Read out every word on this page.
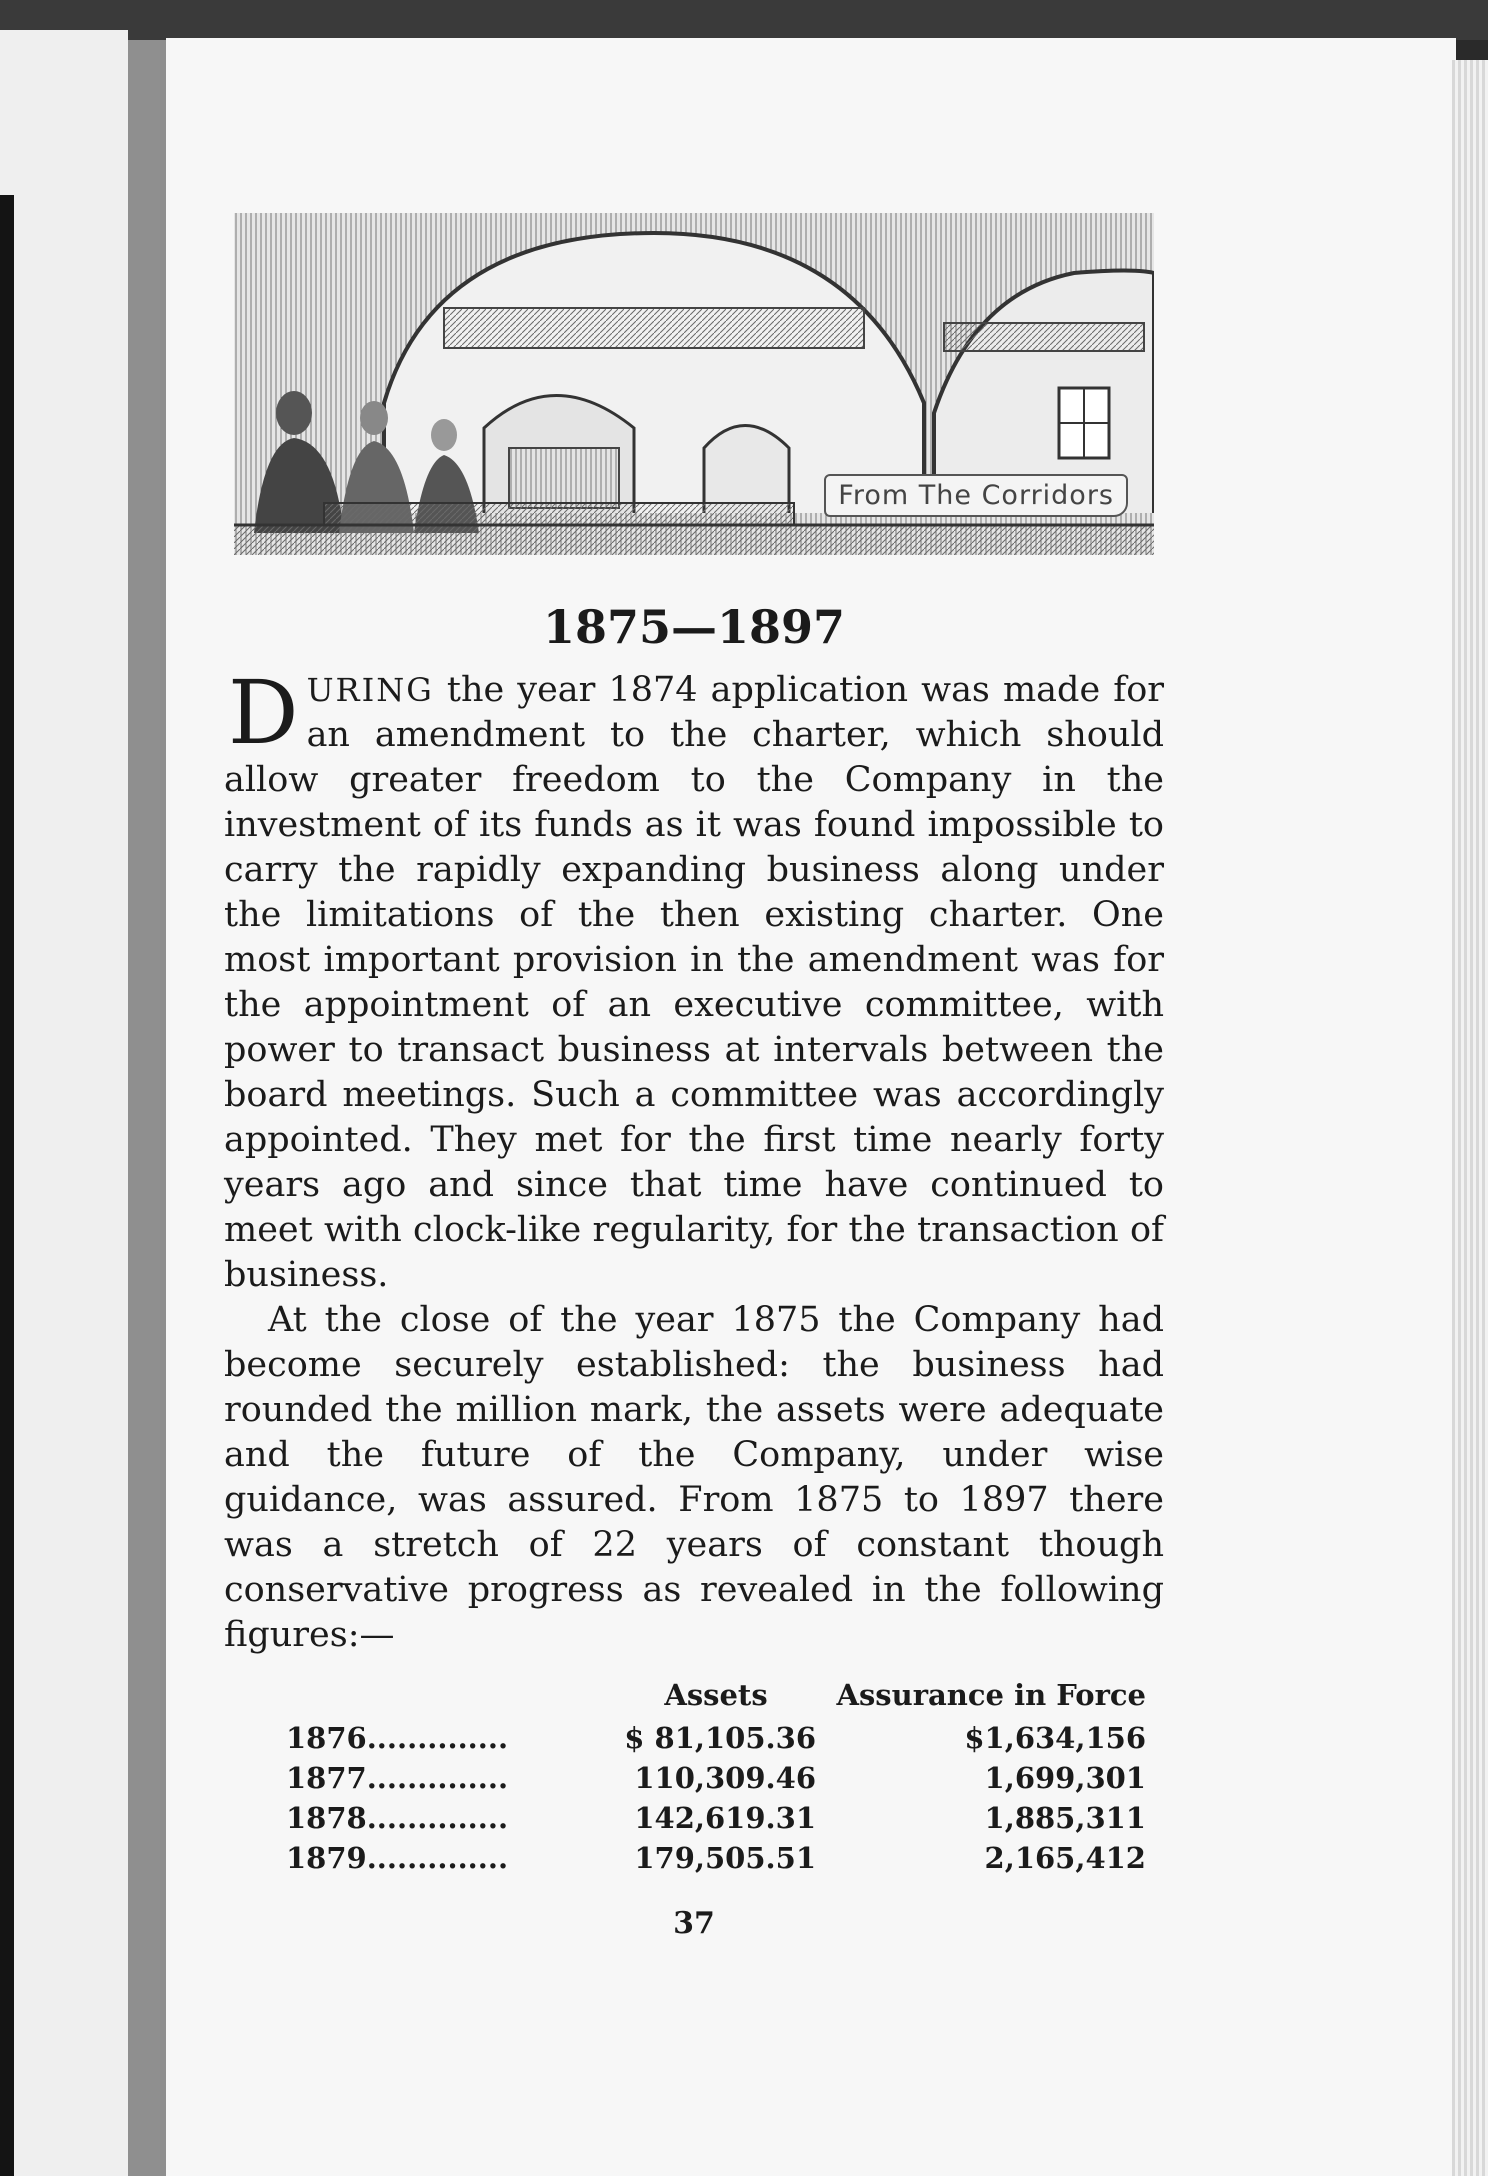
From The Corridors
1875—1897
DURING the year 1874 application was made for an amendment to the charter, which should allow greater freedom to the Company in the investment of its funds as it was found impossible to carry the rapidly expanding business along under the limitations of the then existing charter. One most important provision in the amendment was for the appointment of an executive committee, with power to transact business at intervals between the board meetings. Such a committee was accordingly appointed. They met for the first time nearly forty years ago and since that time have continued to meet with clock-like regularity, for the transaction of business.
At the close of the year 1875 the Company had become securely established: the business had rounded the million mark, the assets were adequate and the future of the Company, under wise guidance, was assured. From 1875 to 1897 there was a stretch of 22 years of constant though conservative progress as revealed in the following figures:—
	Assets	Assurance in Force
1876..............	$ 81,105.36	$1,634,156
1877..............	110,309.46	1,699,301
1878..............	142,619.31	1,885,311
1879..............	179,505.51	2,165,412
37
